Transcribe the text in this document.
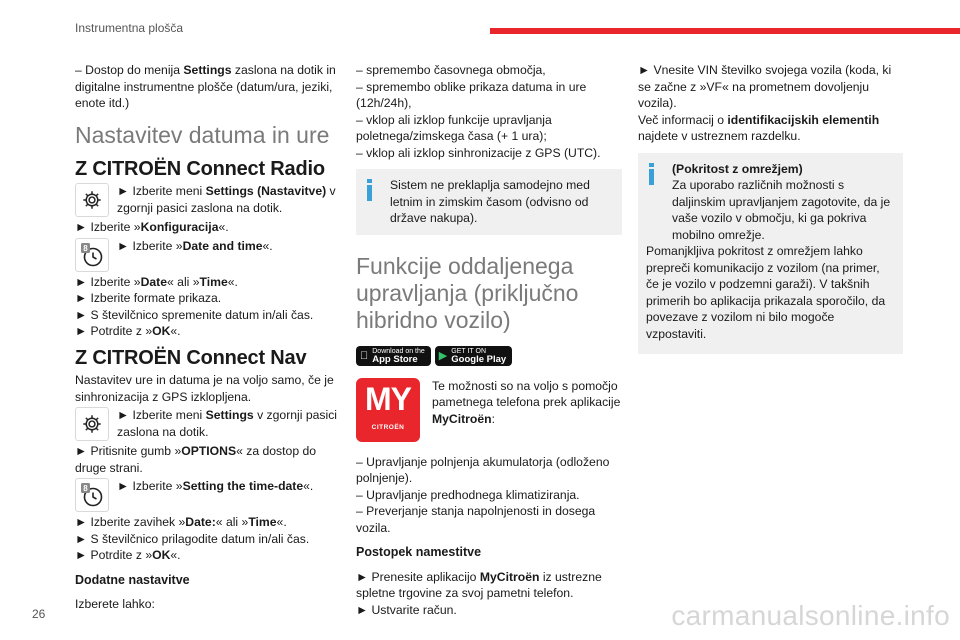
Instrumentna plošča

– Dostop do menija Settings zaslona na dotik in digitalne instrumentne plošče (datum/ura, jeziki, enote itd.)

Nastavitev datuma in ure
Z CITROËN Connect Radio

► Izberite meni Settings (Nastavitve) v zgornji pasici zaslona na dotik.

► Izberite »Konfiguracija«.

8 ► Izberite »Date and time«.

► Izberite »Date« ali »Time«.

► Izberite formate prikaza.

► S številčnico spremenite datum in/ali čas.

► Potrdite z »OK«.

Z CITROËN Connect Nav

Nastavitev ure in datuma je na voljo samo, če je sinhronizacija z GPS izklopljena.

► Izberite meni Settings v zgornji pasici zaslona na dotik.

► Pritisnite gumb »OPTIONS« za dostop do druge strani.

8 ► Izberite »Setting the time-date«.

► Izberite zavihek »Date:« ali »Time«.

► S številčnico prilagodite datum in/ali čas.

► Potrdite z »OK«.

Dodatne nastavitve

Izberete lahko:

– spremembo časovnega območja,

– spremembo oblike prikaza datuma in ure (12h/24h),

– vklop ali izklop funkcije upravljanja poletnega/zimskega časa (+ 1 ura);

– vklop ali izklop sinhronizacije z GPS (UTC).

Sistem ne preklaplja samodejno med letnim in zimskim časom (odvisno od države nakupa).

Funkcije oddaljenega upravljanja (priključno hibridno vozilo)
Download on the
App Store	▶ GET IT ON
Google Play
MY
CITROËN

Te možnosti so na voljo s pomočjo pametnega telefona prek aplikacije MyCitroën:

– Upravljanje polnjenja akumulatorja (odloženo polnjenje).

– Upravljanje predhodnega klimatiziranja.

– Preverjanje stanja napolnjenosti in dosega vozila.

Postopek namestitve

► Prenesite aplikacijo MyCitroën iz ustrezne spletne trgovine za svoj pametni telefon.

► Ustvarite račun.

► Vnesite VIN številko svojega vozila (koda, ki se začne z »VF« na prometnem dovoljenju vozila).

Več informacij o identifikacijskih elementih najdete v ustreznem razdelku.

(Pokritost z omrežjem)
Za uporabo različnih možnosti s daljinskim upravljanjem zagotovite, da je vaše vozilo v območju, ki ga pokriva mobilno omrežje.

Pomanjkljiva pokritost z omrežjem lahko prepreči komunikacijo z vozilom (na primer, če je vozilo v podzemni garaži). V takšnih primerih bo aplikacija prikazala sporočilo, da povezave z vozilom ni bilo mogoče vzpostaviti.

26	carmanualsonline.info
